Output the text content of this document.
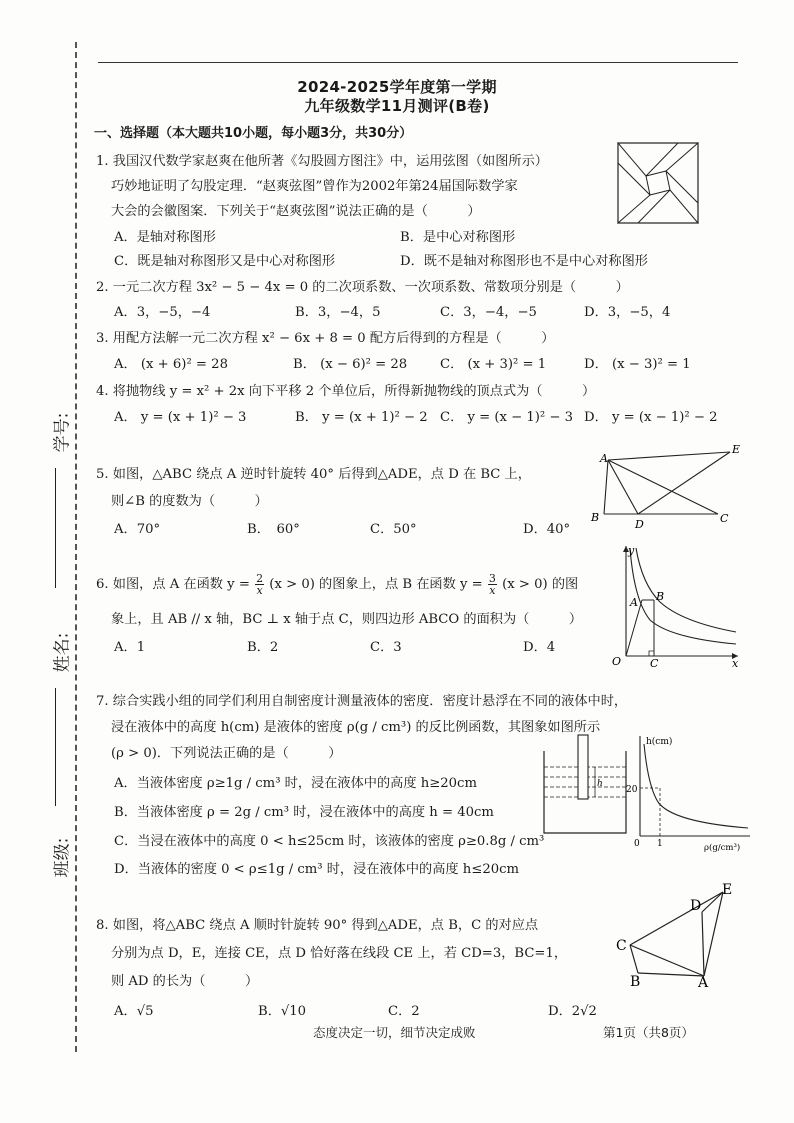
学号:
姓名:
班级:
2024-2025学年度第一学期
九年级数学11月测评(B卷)
一、选择题（本大题共10小题，每小题3分，共30分）
1. 我国汉代数学家赵爽在他所著《勾股圆方图注》中，运用弦图（如图所示）
巧妙地证明了勾股定理．“赵爽弦图”曾作为2002年第24届国际数学家
大会的会徽图案．下列关于“赵爽弦图”说法正确的是（　　　）
A．是轴对称图形	B．是中心对称图形
C．既是轴对称图形又是中心对称图形	D．既不是轴对称图形也不是中心对称图形
2. 一元二次方程 3x² − 5 − 4x = 0 的二次项系数、一次项系数、常数项分别是（　　　）
A．3，−5，−4	B．3，−4，5	C．3，−4，−5	D．3，−5，4
3. 用配方法解一元二次方程 x² − 6x + 8 = 0 配方后得到的方程是（　　　）
A． (x + 6)² = 28	B． (x − 6)² = 28 C． (x + 3)² = 1	D． (x − 3)² = 1
4. 将抛物线 y = x² + 2x 向下平移 2 个单位后，所得新抛物线的顶点式为（　　　）
A． y = (x + 1)² − 3	B． y = (x + 1)² − 2 C． y = (x − 1)² − 3 D． y = (x − 1)² − 2
5. 如图，△ABC 绕点 A 逆时针旋转 40° 后得到△ADE，点 D 在 BC 上，
则∠B 的度数为（　　　）
A．70°	B．　60°	C．50°	D．40°
A
E
B
D	C
6. 如图，点 A 在函数 $y = \frac{2}{x} (x > 0)$ 的图象上，点 B 在函数 $y = \frac{3}{x} (x > 0)$ 的图
象上，且 AB // x 轴，BC ⊥ x 轴于点 C，则四边形 ABCO 的面积为（　　　）
A．1	B．2	C．3	D．4
y
x
O
A B
C
7. 综合实践小组的同学们利用自制密度计测量液体的密度．密度计悬浮在不同的液体中时，
浸在液体中的高度 h(cm) 是液体的密度 ρ(g / cm³) 的反比例函数，其图象如图所示
(ρ > 0)．下列说法正确的是（　　　）
A．当液体密度 ρ≥1g / cm³ 时，浸在液体中的高度 h≥20cm
B．当液体密度 ρ = 2g / cm³ 时，浸在液体中的高度 h = 40cm
C．当浸在液体中的高度 0 < h≤25cm 时，该液体的密度 ρ≥0.8g / cm³
D．当液体的密度 0 < ρ≤1g / cm³ 时，浸在液体中的高度 h≤20cm
h
h(cm)
20
0 1	ρ(g/cm³)
8. 如图，将△ABC 绕点 A 顺时针旋转 90° 得到△ADE，点 B，C 的对应点
分别为点 D，E，连接 CE，点 D 恰好落在线段 CE 上，若 CD=3，BC=1，
则 AD 的长为（　　　）
A．√5	B．√10	C．2	D．2√2
C
B	A
D
E
态度决定一切，细节决定成败	第1页（共8页）
